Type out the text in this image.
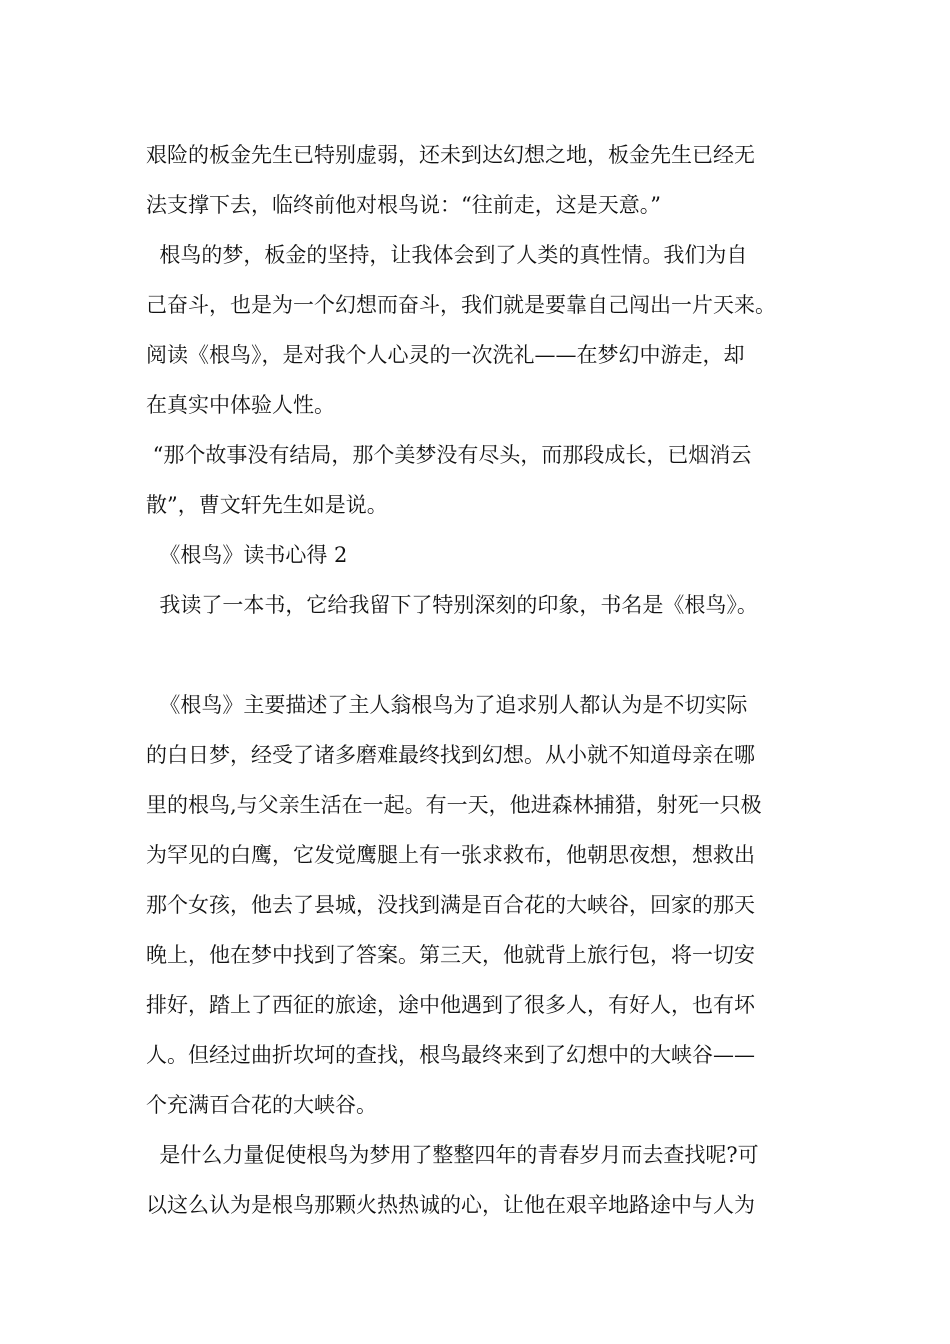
艰险的板金先生已特别虚弱，还未到达幻想之地，板金先生已经无
法支撑下去，临终前他对根鸟说：“往前走，这是天意。”
根鸟的梦，板金的坚持，让我体会到了人类的真性情。我们为自
己奋斗，也是为一个幻想而奋斗，我们就是要靠自己闯出一片天来。
阅读《根鸟》，是对我个人心灵的一次洗礼——在梦幻中游走，却
在真实中体验人性。
“那个故事没有结局，那个美梦没有尽头，而那段成长，已烟消云
散”，曹文轩先生如是说。
《根鸟》读书心得 2
我读了一本书，它给我留下了特别深刻的印象，书名是《根鸟》。
《根鸟》主要描述了主人翁根鸟为了追求别人都认为是不切实际
的白日梦，经受了诸多磨难最终找到幻想。从小就不知道母亲在哪
里的根鸟,与父亲生活在一起。有一天，他进森林捕猎，射死一只极
为罕见的白鹰，它发觉鹰腿上有一张求救布，他朝思夜想，想救出
那个女孩，他去了县城，没找到满是百合花的大峡谷，回家的那天
晚上，他在梦中找到了答案。第三天，他就背上旅行包，将一切安
排好，踏上了西征的旅途，途中他遇到了很多人，有好人，也有坏
人。但经过曲折坎坷的查找，根鸟最终来到了幻想中的大峡谷——
个充满百合花的大峡谷。
是什么力量促使根鸟为梦用了整整四年的青春岁月而去查找呢?可
以这么认为是根鸟那颗火热热诚的心，让他在艰辛地路途中与人为
